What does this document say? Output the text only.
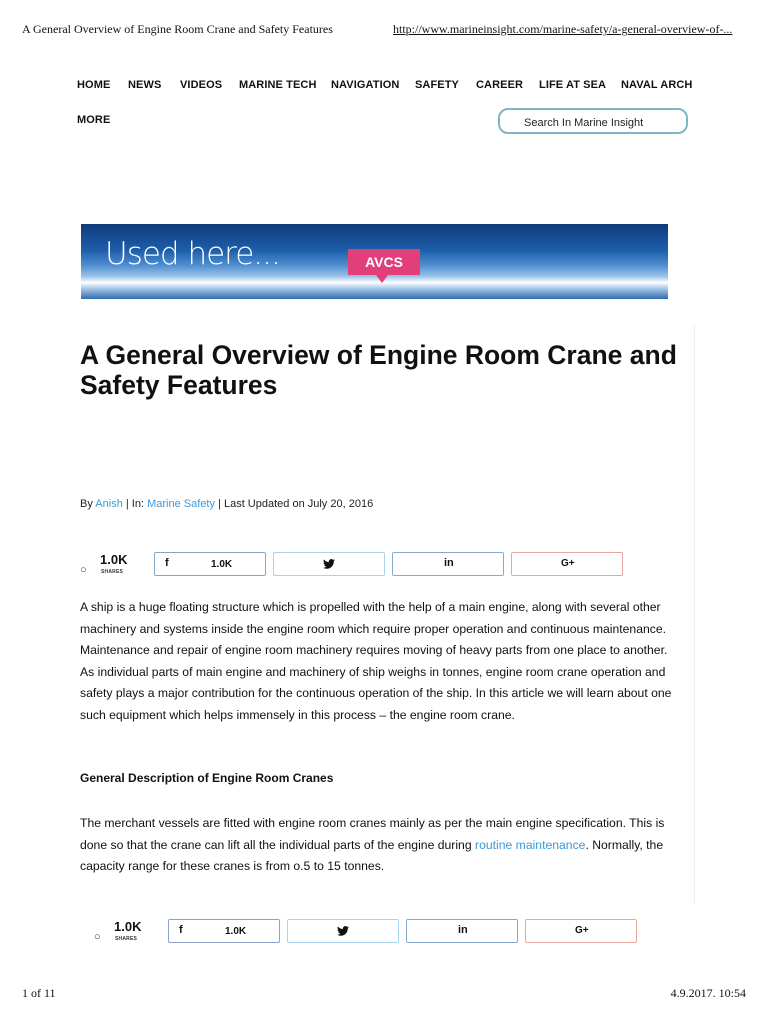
A General Overview of Engine Room Crane and Safety Features	http://www.marineinsight.com/marine-safety/a-general-overview-of-...
HOME NEWS VIDEOS MARINE TECH NAVIGATION SAFETY CAREER LIFE AT SEA NAVAL ARCH
MORE	Search In Marine Insight
Used here...	AVCS
A General Overview of Engine Room Crane and Safety Features
By Anish | In: Marine Safety | Last Updated on July 20, 2016
○
1.0K
SHARES
f	1.0K	in	G+

A ship is a huge floating structure which is propelled with the help of a main engine, along with several other machinery and systems inside the engine room which require proper operation and continuous maintenance. Maintenance and repair of engine room machinery requires moving of heavy parts from one place to another. As individual parts of main engine and machinery of ship weighs in tonnes, engine room crane operation and safety plays a major contribution for the continuous operation of the ship. In this article we will learn about one such equipment which helps immensely in this process – the engine room crane.

General Description of Engine Room Cranes

The merchant vessels are fitted with engine room cranes mainly as per the main engine specification. This is done so that the crane can lift all the individual parts of the engine during routine maintenance. Normally, the capacity range for these cranes is from o.5 to 15 tonnes.

○
1.0K
SHARES
f	1.0K	in	G+
1 of 11	4.9.2017. 10:54
